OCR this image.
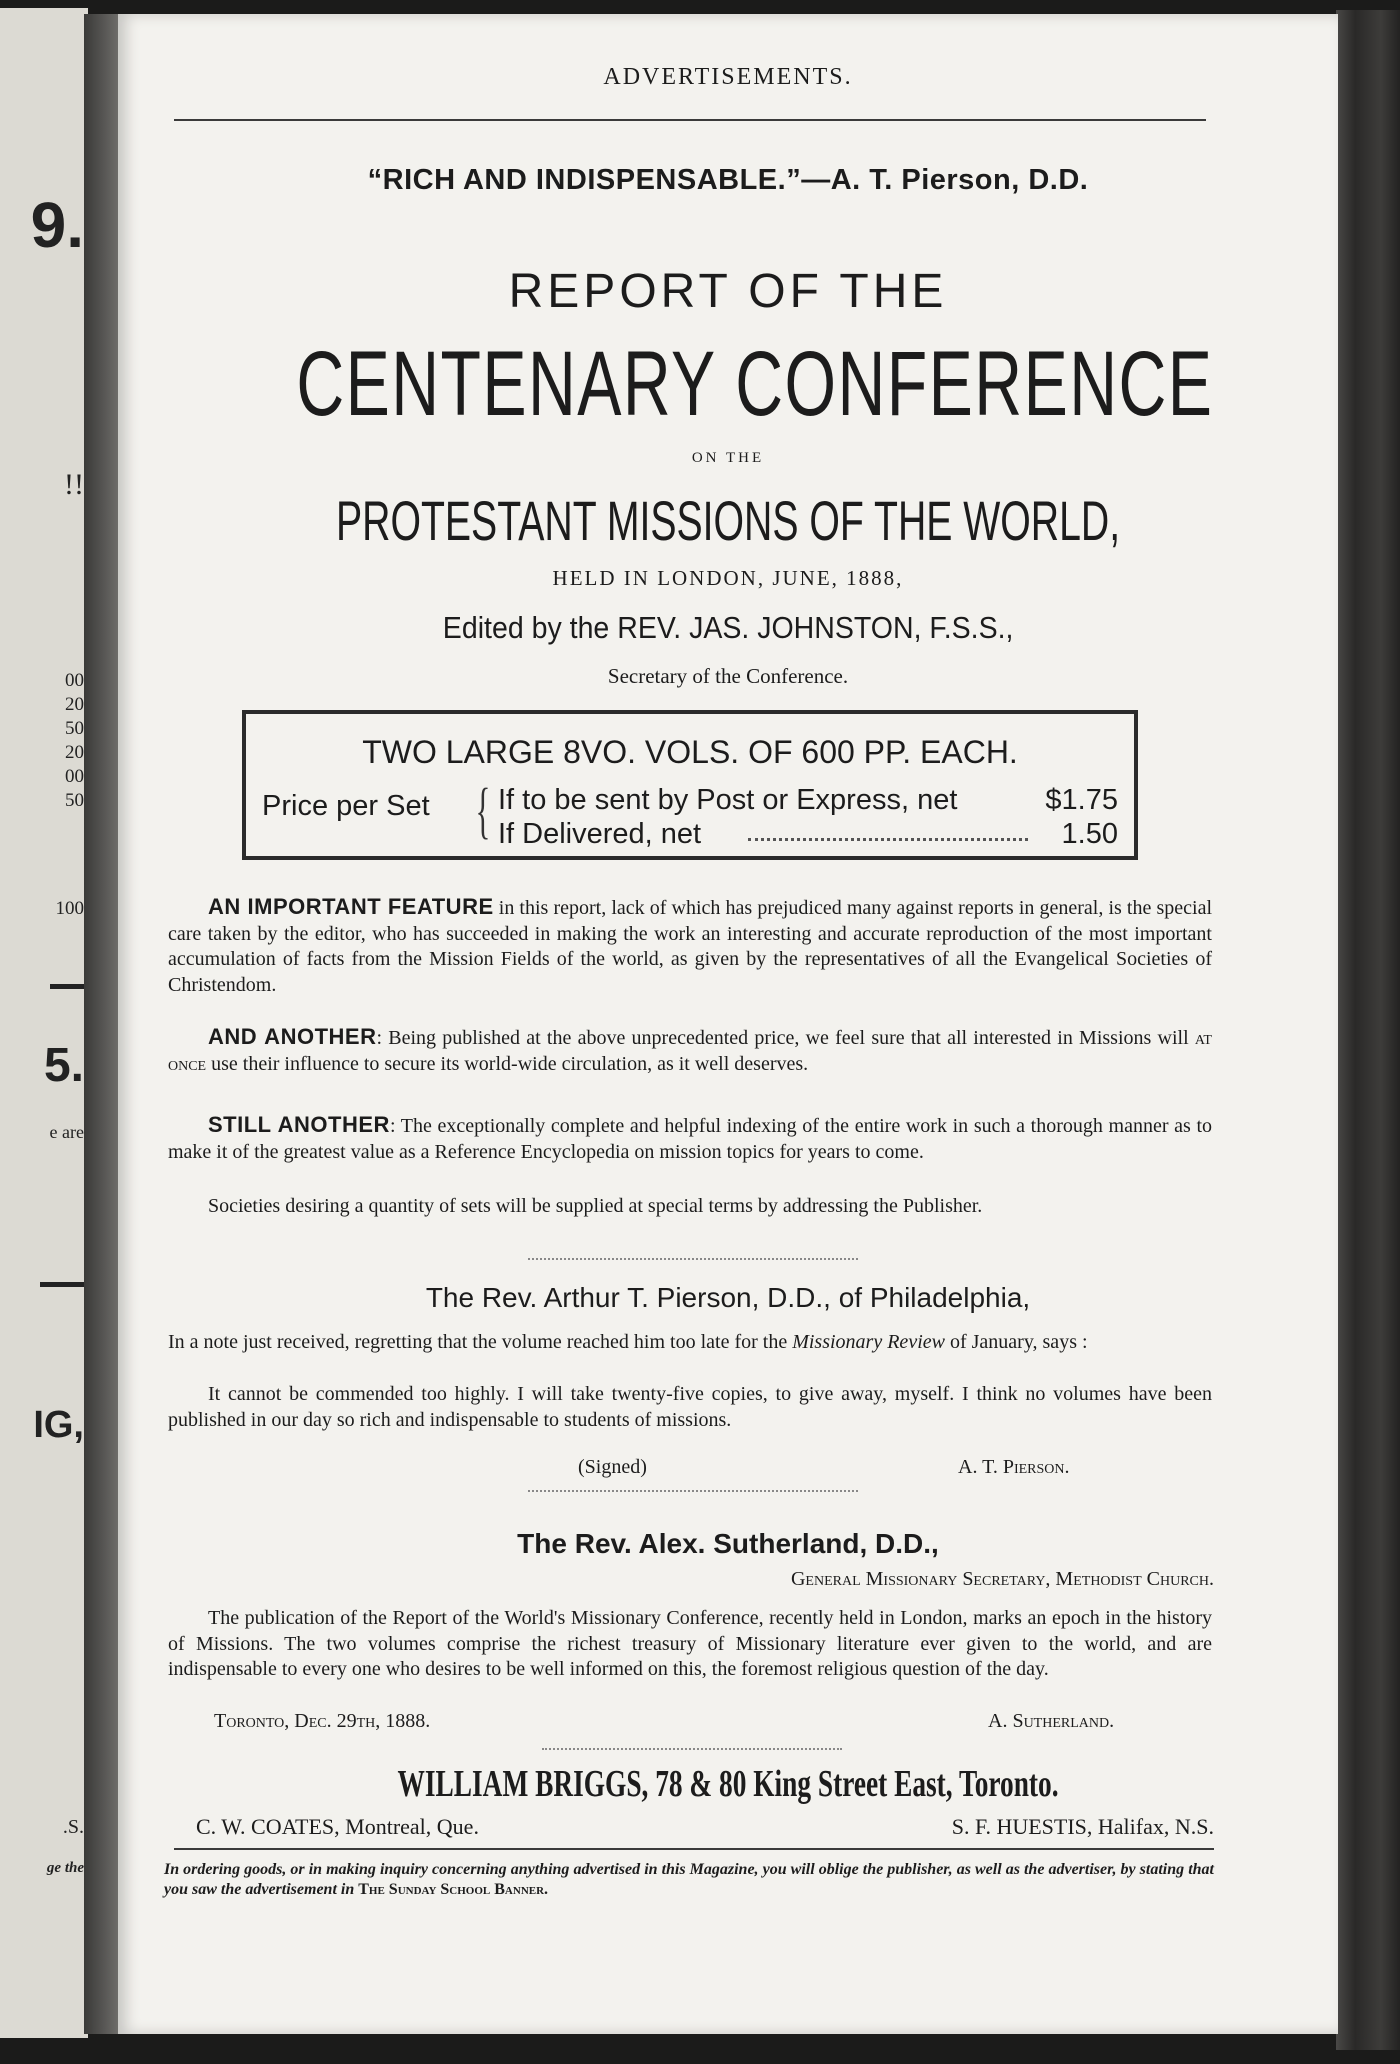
9.
!!
00
20
50
20
00
50
100
5.
e are
IG,
.S.
ge the
ADVERTISEMENTS.
“RICH AND INDISPENSABLE.”—A. T. Pierson, D.D.
REPORT OF THE
CENTENARY CONFERENCE
ON THE
PROTESTANT MISSIONS OF THE WORLD,
HELD IN LONDON, JUNE, 1888,
Edited by the REV. JAS. JOHNSTON, F.S.S.,
Secretary of the Conference.
TWO LARGE 8VO. VOLS. OF 600 PP. EACH.
Price per Set { If to be sent by Post or Express, net	$1.75
If Delivered, net	1.50
AN IMPORTANT FEATURE in this report, lack of which has prejudiced many against reports in general, is the special care taken by the editor, who has succeeded in making the work an interesting and accurate reproduction of the most important accumulation of facts from the Mission Fields of the world, as given by the representatives of all the Evangelical Societies of Christendom.
AND ANOTHER: Being published at the above unprecedented price, we feel sure that all interested in Missions will at once use their influence to secure its world-wide circulation, as it well deserves.
STILL ANOTHER: The exceptionally complete and helpful indexing of the entire work in such a thorough manner as to make it of the greatest value as a Reference Encyclopedia on mission topics for years to come.
Societies desiring a quantity of sets will be supplied at special terms by addressing the Publisher.
The Rev. Arthur T. Pierson, D.D., of Philadelphia,
In a note just received, regretting that the volume reached him too late for the Missionary Review of January, says :
It cannot be commended too highly. I will take twenty-five copies, to give away, myself. I think no volumes have been published in our day so rich and indispensable to students of missions.
(Signed)	A. T. Pierson.
The Rev. Alex. Sutherland, D.D.,
General Missionary Secretary, Methodist Church.
The publication of the Report of the World's Missionary Conference, recently held in London, marks an epoch in the history of Missions. The two volumes comprise the richest treasury of Missionary literature ever given to the world, and are indispensable to every one who desires to be well informed on this, the foremost religious question of the day.
Toronto, Dec. 29th, 1888.	A. Sutherland.
WILLIAM BRIGGS, 78 & 80 King Street East, Toronto.
C. W. COATES, Montreal, Que.	S. F. HUESTIS, Halifax, N.S.
In ordering goods, or in making inquiry concerning anything advertised in this Magazine, you will oblige the publisher, as well as the advertiser, by stating that you saw the advertisement in The Sunday School Banner.
